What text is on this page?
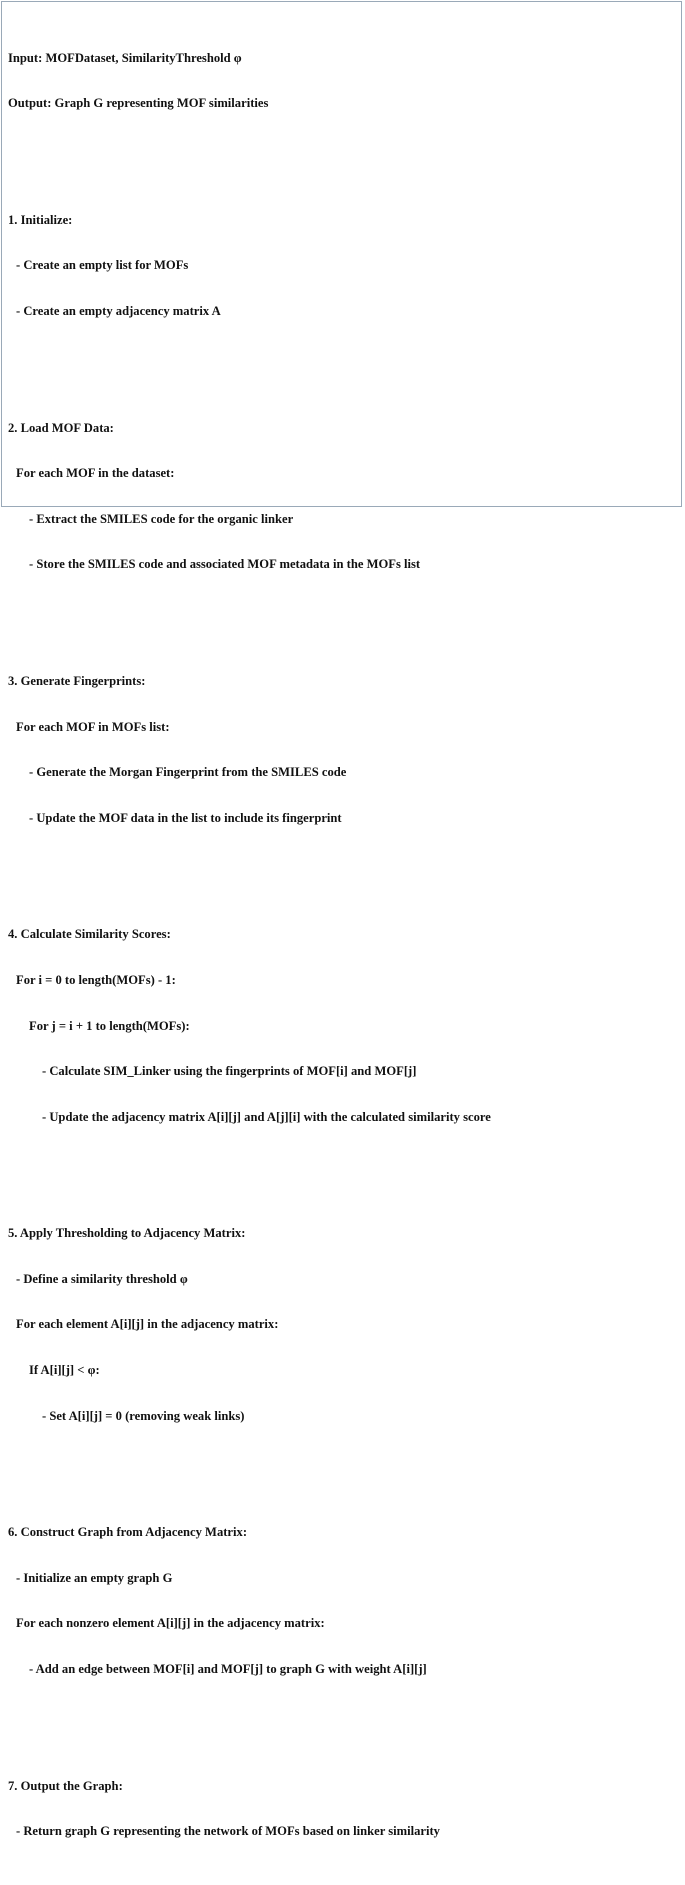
Input: MOFDataset, SimilarityThreshold φ

Output: Graph G representing MOF similarities

1. Initialize:

- Create an empty list for MOFs

- Create an empty adjacency matrix A

2. Load MOF Data:

For each MOF in the dataset:

- Extract the SMILES code for the organic linker

- Store the SMILES code and associated MOF metadata in the MOFs list

3. Generate Fingerprints:

For each MOF in MOFs list:

- Generate the Morgan Fingerprint from the SMILES code

- Update the MOF data in the list to include its fingerprint

4. Calculate Similarity Scores:

For i = 0 to length(MOFs) - 1:

For j = i + 1 to length(MOFs):

- Calculate SIM_Linker using the fingerprints of MOF[i] and MOF[j]

- Update the adjacency matrix A[i][j] and A[j][i] with the calculated similarity score

5. Apply Thresholding to Adjacency Matrix:

- Define a similarity threshold φ

For each element A[i][j] in the adjacency matrix:

If A[i][j] < φ:

- Set A[i][j] = 0 (removing weak links)

6. Construct Graph from Adjacency Matrix:

- Initialize an empty graph G

For each nonzero element A[i][j] in the adjacency matrix:

- Add an edge between MOF[i] and MOF[j] to graph G with weight A[i][j]

7. Output the Graph:

- Return graph G representing the network of MOFs based on linker similarity
